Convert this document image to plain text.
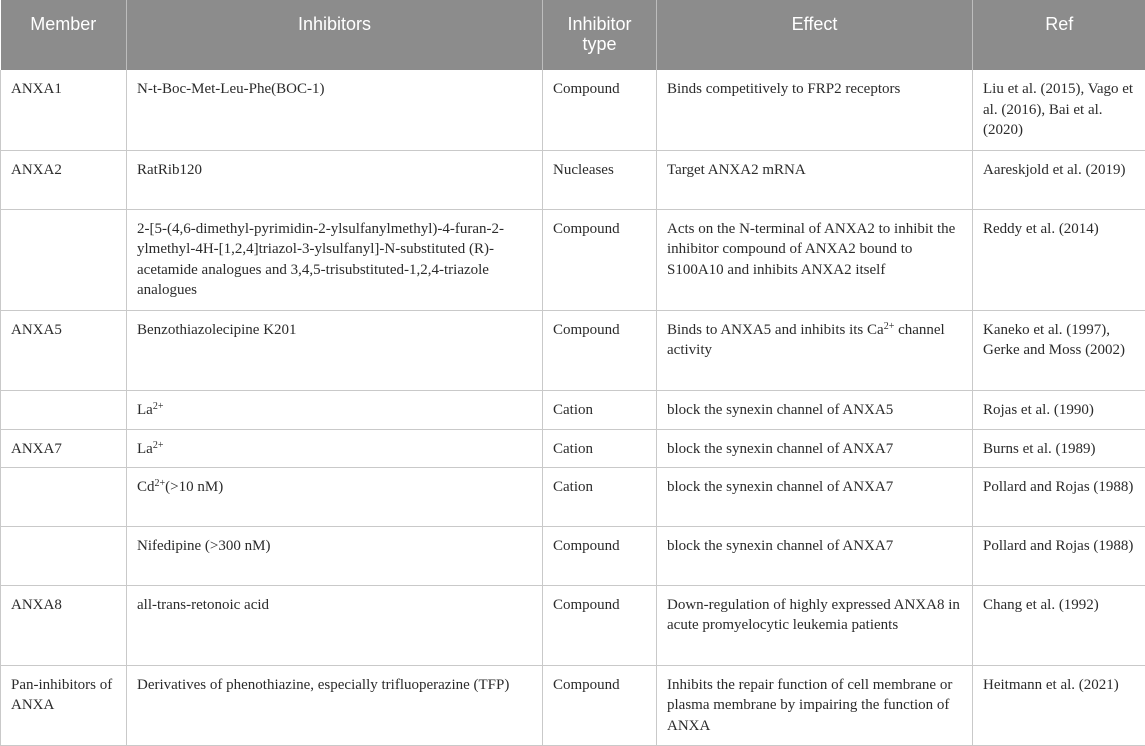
Member	Inhibitors	Inhibitor type	Effect	Ref
ANXA1	N-t-Boc-Met-Leu-Phe(BOC-1)	Compound	Binds competitively to FRP2 receptors	Liu et al. (2015), Vago et al. (2016), Bai et al. (2020)
ANXA2	RatRib120	Nucleases	Target ANXA2 mRNA	Aareskjold et al. (2019)
	2-[5-(4,6-dimethyl-pyrimidin-2-ylsulfanylmethyl)-4-furan-2-ylmethyl-4H-[1,2,4]triazol-3-ylsulfanyl]-N-substituted (R)-acetamide analogues and 3,4,5-trisubstituted-1,2,4-triazole analogues	Compound	Acts on the N-terminal of ANXA2 to inhibit the inhibitor compound of ANXA2 bound to S100A10 and inhibits ANXA2 itself	Reddy et al. (2014)
ANXA5	Benzothiazolecipine K201	Compound	Binds to ANXA5 and inhibits its $Ca^{2+}$ channel activity	Kaneko et al. (1997), Gerke and Moss (2002)
	$La^{2+}$	Cation	block the synexin channel of ANXA5	Rojas et al. (1990)
ANXA7	$La^{2+}$	Cation	block the synexin channel of ANXA7	Burns et al. (1989)
	$Cd^{2+}(>10$ nM)	Cation	block the synexin channel of ANXA7	Pollard and Rojas (1988)
	Nifedipine (>300 nM)	Compound	block the synexin channel of ANXA7	Pollard and Rojas (1988)
ANXA8	all-trans-retonoic acid	Compound	Down-regulation of highly expressed ANXA8 in acute promyelocytic leukemia patients	Chang et al. (1992)
Pan-inhibitors of ANXA	Derivatives of phenothiazine, especially trifluoperazine (TFP)	Compound	Inhibits the repair function of cell membrane or plasma membrane by impairing the function of ANXA	Heitmann et al. (2021)
